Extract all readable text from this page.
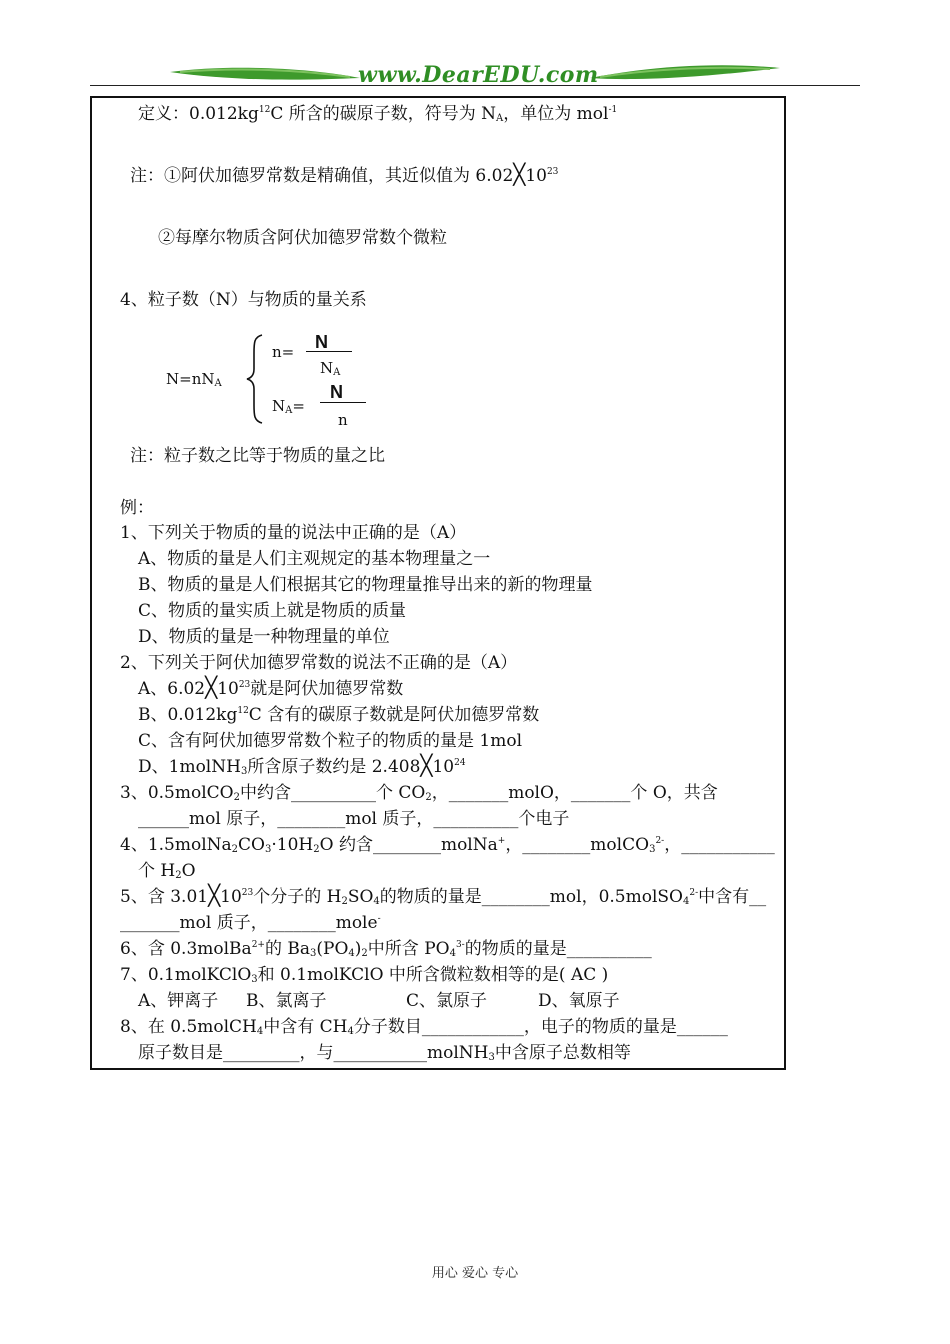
www.DearEDU.com
定义：$0.012kg^{12}C$ 所含的碳原子数，符号为 $N_A$，单位为 mol$^{-1}$
注：①阿伏加德罗常数是精确值，其近似值为 $6.02╳10^{23}$
②每摩尔物质含阿伏加德罗常数个微粒
4、粒子数（N）与物质的量关系
$N=nN_A$
n= N
$N_A$
$N_A=$
N
n
注：粒子数之比等于物质的量之比
例：
1、下列关于物质的量的说法中正确的是（A）
A、物质的量是人们主观规定的基本物理量之一
B、物质的量是人们根据其它的物理量推导出来的新的物理量
C、物质的量实质上就是物质的质量
D、物质的量是一种物理量的单位
2、下列关于阿伏加德罗常数的说法不正确的是（A）
A、$6.02╳10^{23}$就是阿伏加德罗常数
B、$0.012kg^{12}C$ 含有的碳原子数就是阿伏加德罗常数
C、含有阿伏加德罗常数个粒子的物质的量是 1mol
D、1molNH$_3$所含原子数约是 $2.408╳10^{24}$
3、0.5molCO$_2$中约含__________个 $CO_2$，_______molO，_______个 O，共含
______mol 原子，________mol 质子，__________个电子
4、$1.5molNa_2CO_3\cdot 10H_2O$ 约含________molNa+，________molCO$_3^{2-}$，___________
个 $H_2O$
5、含 $3.01╳10^{23}$个分子的 $H_2SO_4$的物质的量是________mol，0.5molSO$_4^{2-}$中含有__
_______mol 质子，________mole-
6、含 0.3molBa$^{2+}$的 $Ba_3(PO_4)_2$中所含 $PO_4^{3-}$的物质的量是__________
7、0.1molKClO$_3$和 0.1molKClO 中所含微粒数相等的是( AC )
A、钾离子 B、氯离子	C、氯原子	D、氧原子
8、在 0.5molCH$_4$中含有 $CH_4$分子数目____________，电子的物质的量是______
原子数目是_________，与___________molNH$_3$中含原子总数相等
用心 爱心 专心
